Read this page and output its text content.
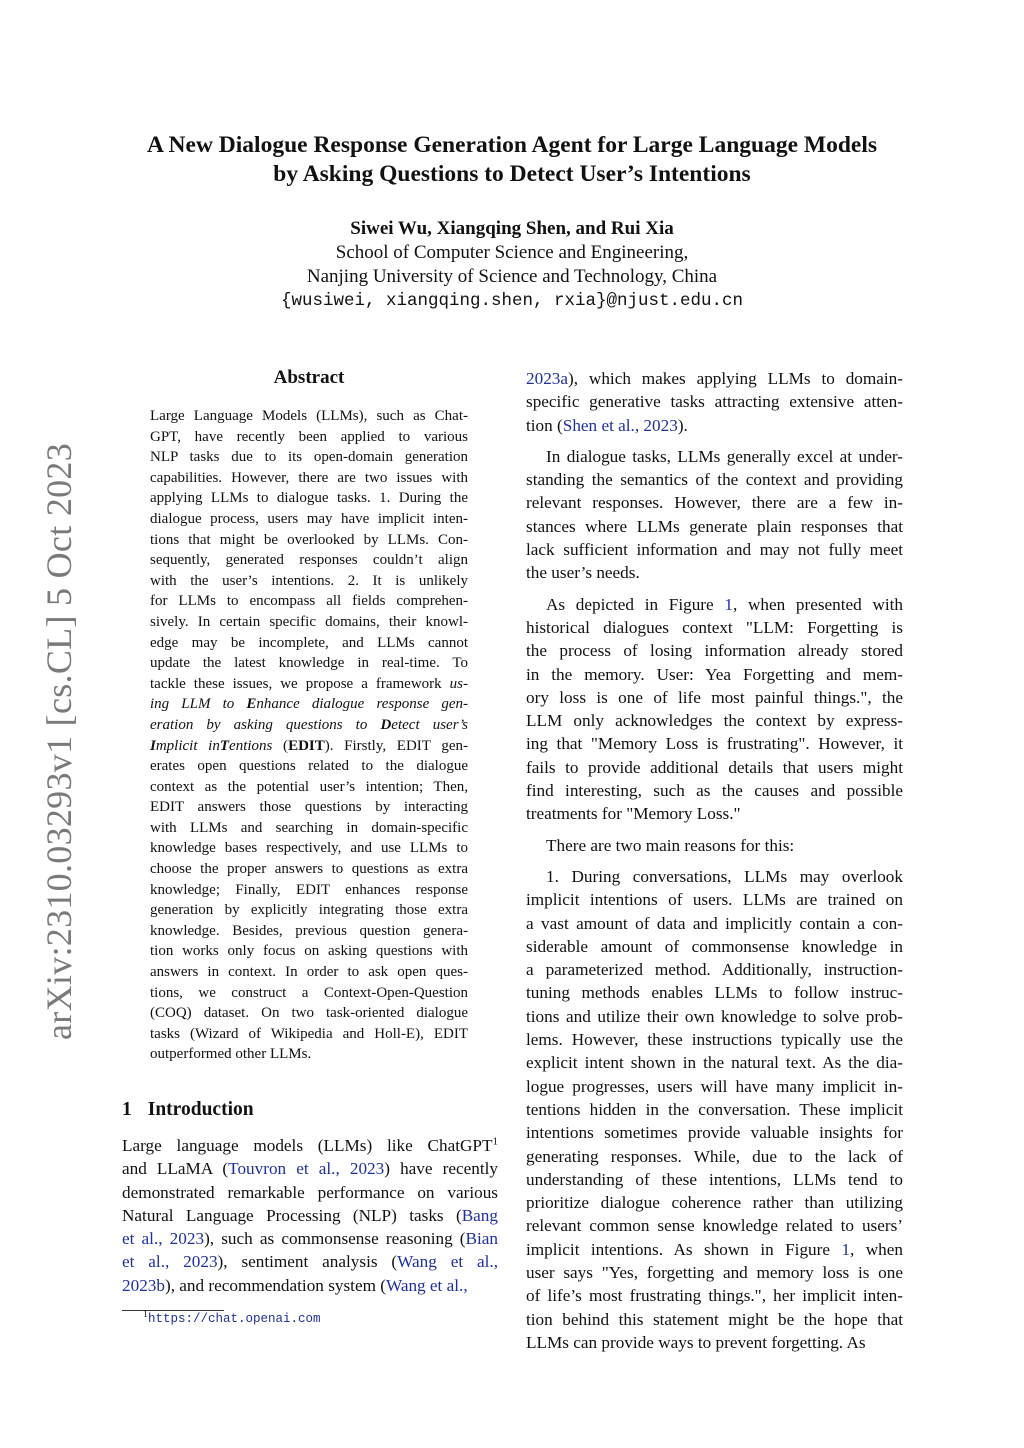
arXiv:2310.03293v1 [cs.CL] 5 Oct 2023
A New Dialogue Response Generation Agent for Large Language Models
by Asking Questions to Detect User’s Intentions
Siwei Wu, Xiangqing Shen, and Rui Xia
School of Computer Science and Engineering,
Nanjing University of Science and Technology, China
{wusiwei, xiangqing.shen, rxia}@njust.edu.cn
Abstract
Large Language Models (LLMs), such as Chat-
GPT, have recently been applied to various
NLP tasks due to its open-domain generation
capabilities. However, there are two issues with
applying LLMs to dialogue tasks. 1. During the
dialogue process, users may have implicit inten-
tions that might be overlooked by LLMs. Con-
sequently, generated responses couldn’t align
with the user’s intentions. 2. It is unlikely
for LLMs to encompass all fields comprehen-
sively. In certain specific domains, their knowl-
edge may be incomplete, and LLMs cannot
update the latest knowledge in real-time. To
tackle these issues, we propose a framework us-
ing LLM to Enhance dialogue response gen-
eration by asking questions to Detect user’s
Implicit inTentions (EDIT). Firstly, EDIT gen-
erates open questions related to the dialogue
context as the potential user’s intention; Then,
EDIT answers those questions by interacting
with LLMs and searching in domain-specific
knowledge bases respectively, and use LLMs to
choose the proper answers to questions as extra
knowledge; Finally, EDIT enhances response
generation by explicitly integrating those extra
knowledge. Besides, previous question genera-
tion works only focus on asking questions with
answers in context. In order to ask open ques-
tions, we construct a Context-Open-Question
(COQ) dataset. On two task-oriented dialogue
tasks (Wizard of Wikipedia and Holl-E), EDIT
outperformed other LLMs.
1 Introduction
Large language models (LLMs) like ChatGPT$^1$
and LLaMA (Touvron et al., 2023) have recently
demonstrated remarkable performance on various
Natural Language Processing (NLP) tasks (Bang
et al., 2023), such as commonsense reasoning (Bian
et al., 2023), sentiment analysis (Wang et al.,
2023b), and recommendation system (Wang et al.,
$^1$https://chat.openai.com
2023a), which makes applying LLMs to domain-
specific generative tasks attracting extensive atten-
tion (Shen et al., 2023).
In dialogue tasks, LLMs generally excel at under-
standing the semantics of the context and providing
relevant responses. However, there are a few in-
stances where LLMs generate plain responses that
lack sufficient information and may not fully meet
the user’s needs.
As depicted in Figure 1, when presented with
historical dialogues context "LLM: Forgetting is
the process of losing information already stored
in the memory. User: Yea Forgetting and mem-
ory loss is one of life most painful things.", the
LLM only acknowledges the context by express-
ing that "Memory Loss is frustrating". However, it
fails to provide additional details that users might
find interesting, such as the causes and possible
treatments for "Memory Loss."
There are two main reasons for this:
1. During conversations, LLMs may overlook
implicit intentions of users. LLMs are trained on
a vast amount of data and implicitly contain a con-
siderable amount of commonsense knowledge in
a parameterized method. Additionally, instruction-
tuning methods enables LLMs to follow instruc-
tions and utilize their own knowledge to solve prob-
lems. However, these instructions typically use the
explicit intent shown in the natural text. As the dia-
logue progresses, users will have many implicit in-
tentions hidden in the conversation. These implicit
intentions sometimes provide valuable insights for
generating responses. While, due to the lack of
understanding of these intentions, LLMs tend to
prioritize dialogue coherence rather than utilizing
relevant common sense knowledge related to users’
implicit intentions. As shown in Figure 1, when
user says "Yes, forgetting and memory loss is one
of life’s most frustrating things.", her implicit inten-
tion behind this statement might be the hope that
LLMs can provide ways to prevent forgetting. As
